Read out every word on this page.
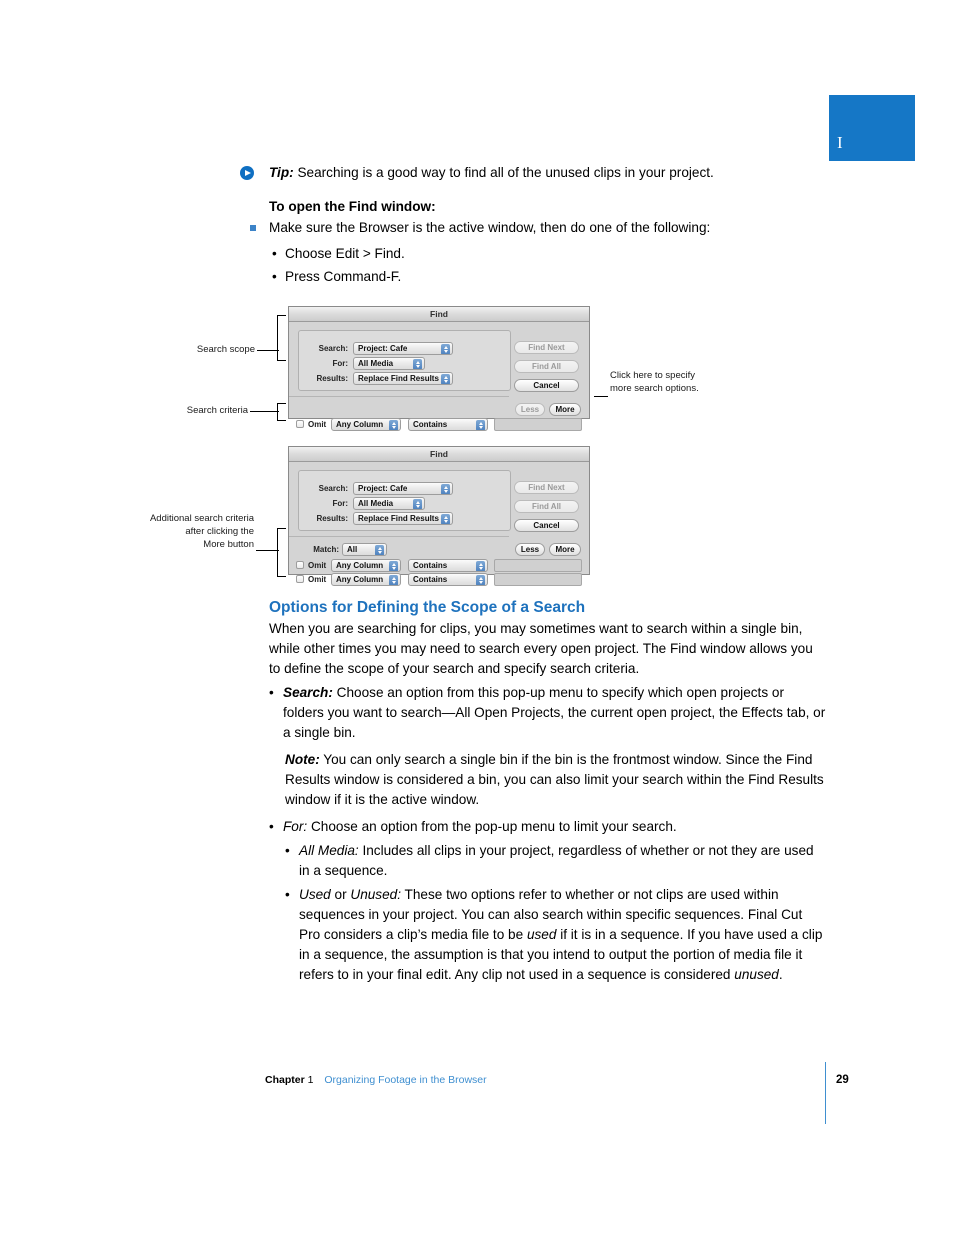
I
Tip: Searching is a good way to find all of the unused clips in your project.
To open the Find window:
Make sure the Browser is the active window, then do one of the following:
• Choose Edit > Find.
• Press Command-F.
Find
Search:	Project: Cafe
For:	All Media
Results:	Replace Find Results
Find Next
Find All
Cancel
Less	More
Omit	Any Column	Contains
Search scope
Search criteria
Click here to specify
more search options.
Find
Search:	Project: Cafe
For:	All Media
Results:	Replace Find Results
Find Next
Find All
Cancel
Match:	All	Less	More
Omit	Any Column	Contains
Omit	Any Column	Contains
Additional search criteria
after clicking the
More button
Options for Defining the Scope of a Search
When you are searching for clips, you may sometimes want to search within a single bin, while other times you may need to search every open project. The Find window allows you to define the scope of your search and specify search criteria.
• Search: Choose an option from this pop-up menu to specify which open projects or folders you want to search—All Open Projects, the current open project, the Effects tab, or a single bin.
Note: You can only search a single bin if the bin is the frontmost window. Since the Find Results window is considered a bin, you can also limit your search within the Find Results window if it is the active window.
• For: Choose an option from the pop-up menu to limit your search.
• All Media: Includes all clips in your project, regardless of whether or not they are used in a sequence.
• Used or Unused: These two options refer to whether or not clips are used within sequences in your project. You can also search within specific sequences. Final Cut Pro considers a clip’s media file to be used if it is in a sequence. If you have used a clip in a sequence, the assumption is that you intend to output the portion of media file it refers to in your final edit. Any clip not used in a sequence is considered unused.
Chapter 1 Organizing Footage in the Browser	29
